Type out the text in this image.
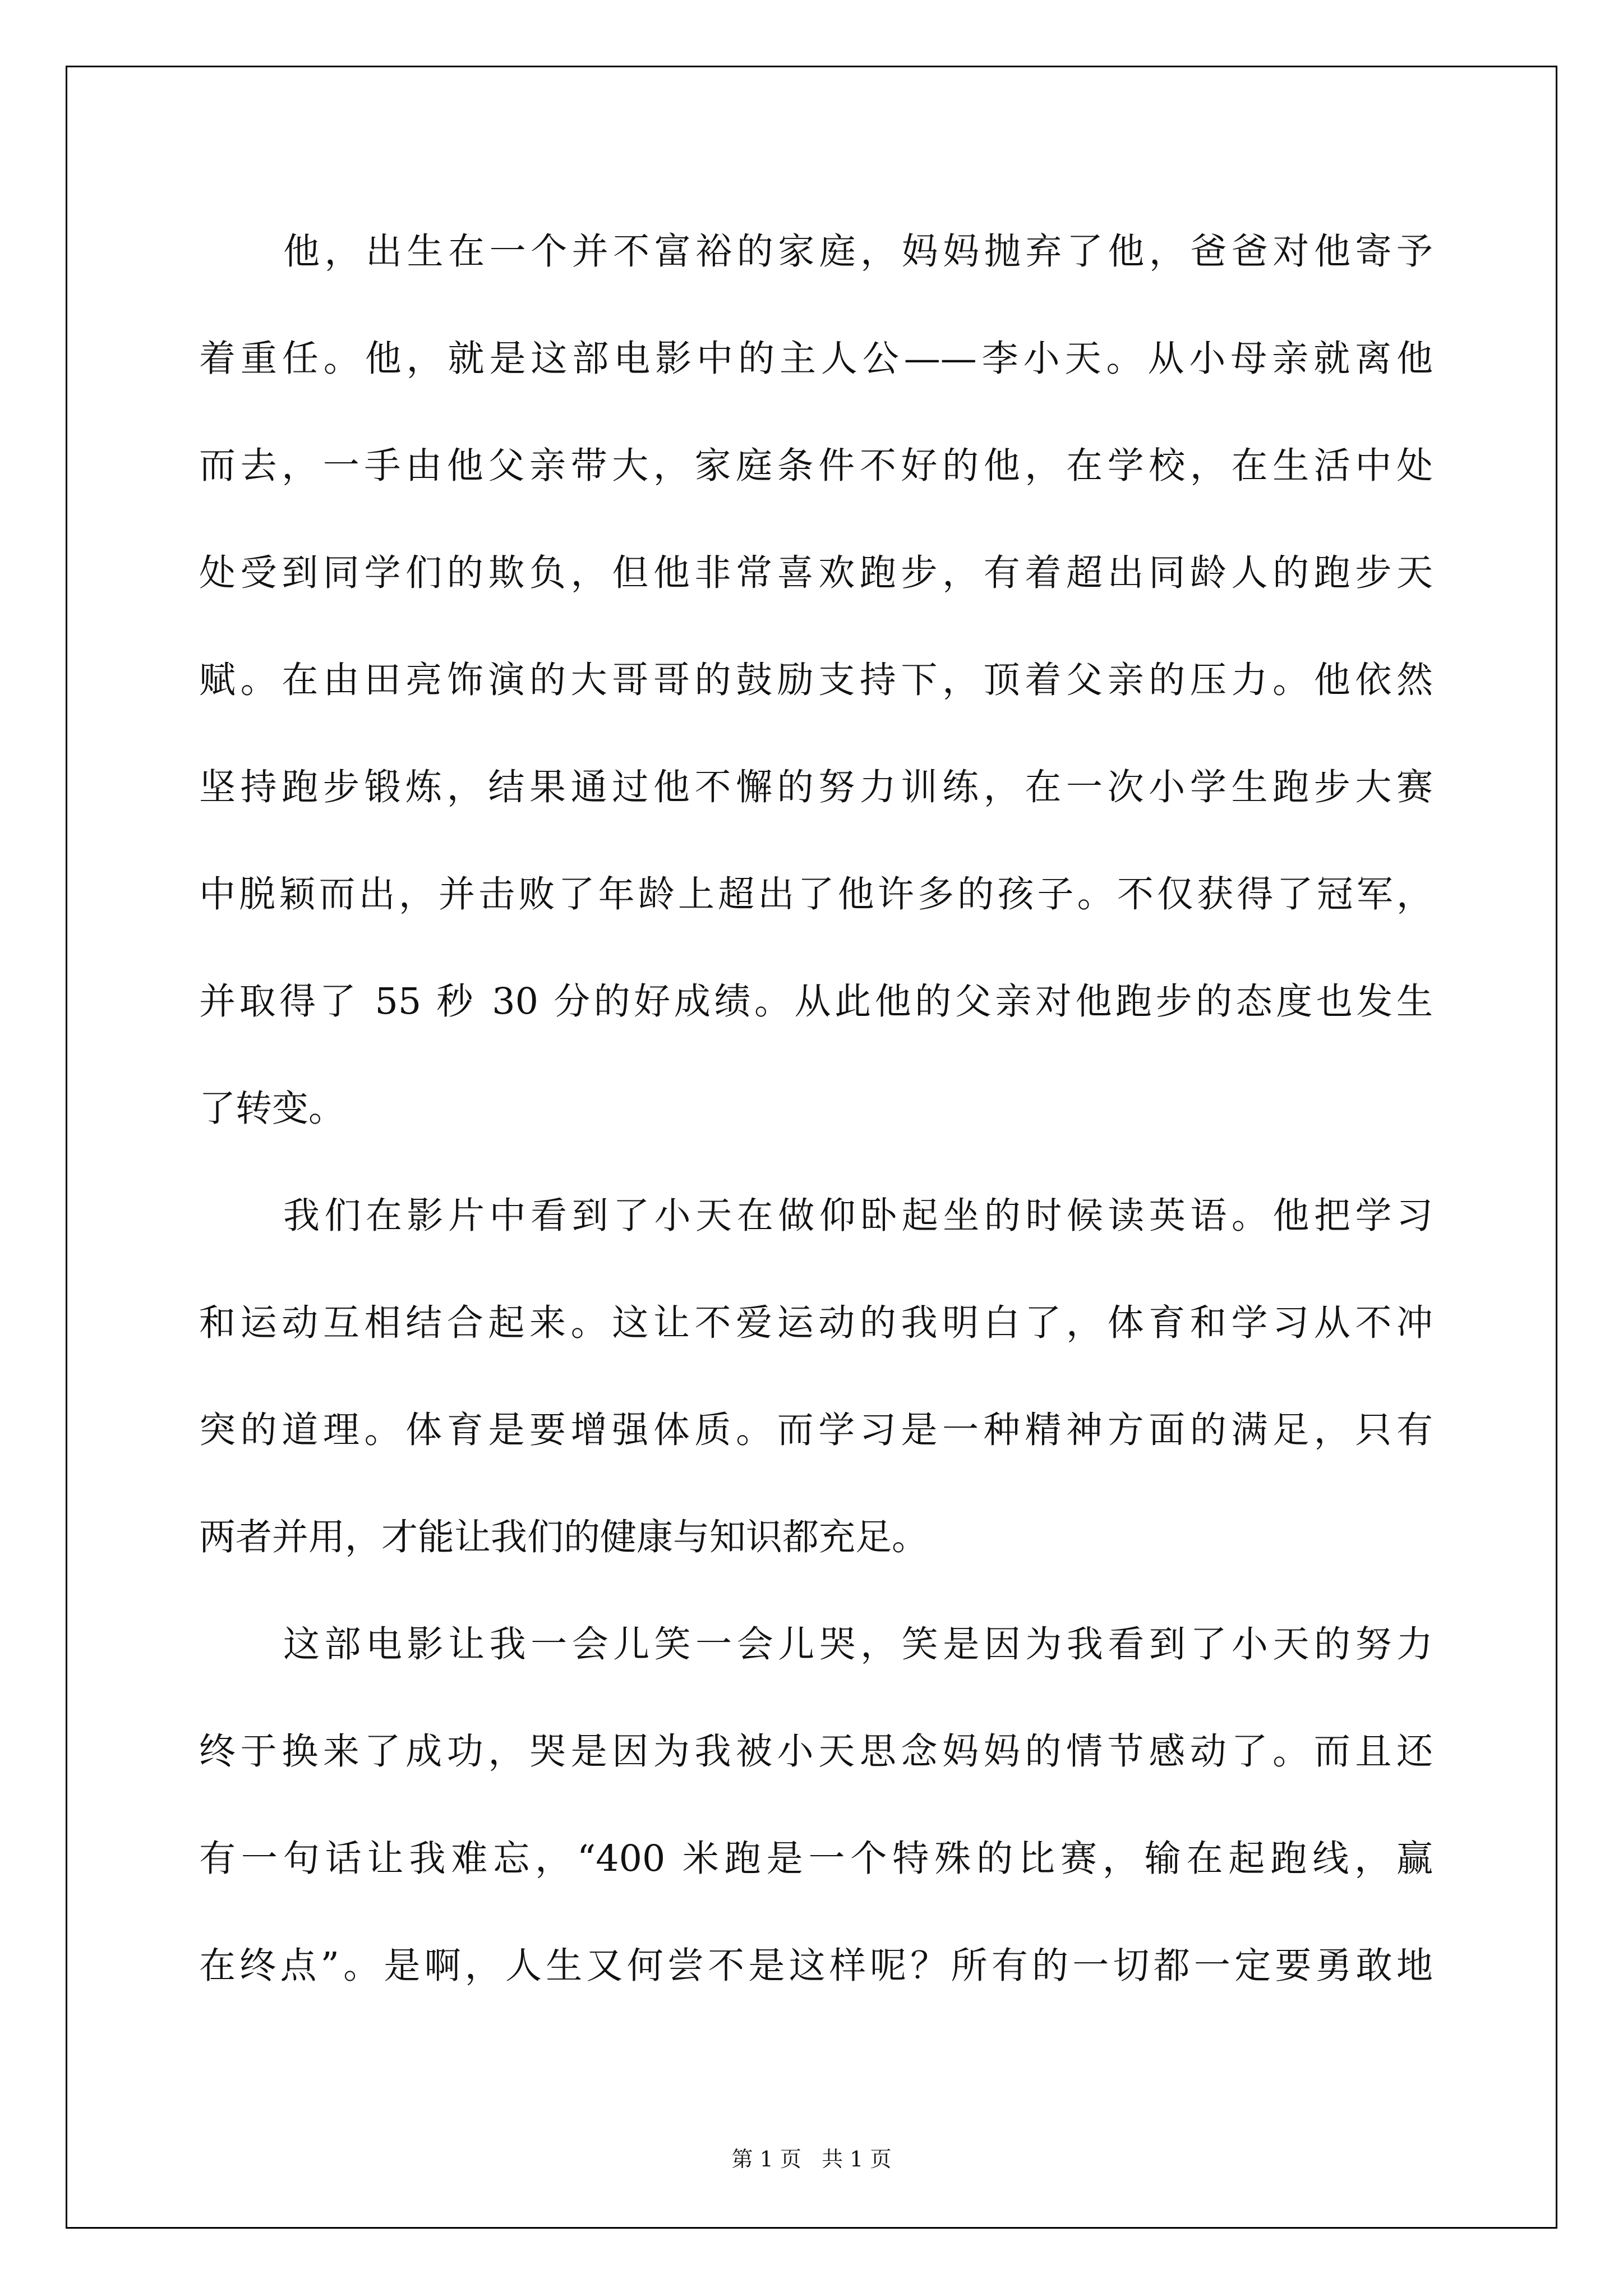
他，出生在一个并不富裕的家庭，妈妈抛弃了他，爸爸对他寄予
着重任。他，就是这部电影中的主人公——李小天。从小母亲就离他
而去，一手由他父亲带大，家庭条件不好的他，在学校，在生活中处
处受到同学们的欺负，但他非常喜欢跑步，有着超出同龄人的跑步天
赋。在由田亮饰演的大哥哥的鼓励支持下，顶着父亲的压力。他依然
坚持跑步锻炼，结果通过他不懈的努力训练，在一次小学生跑步大赛
中脱颖而出，并击败了年龄上超出了他许多的孩子。不仅获得了冠军，
并取得了 55 秒 30 分的好成绩。从此他的父亲对他跑步的态度也发生
了转变。
我们在影片中看到了小天在做仰卧起坐的时候读英语。他把学习
和运动互相结合起来。这让不爱运动的我明白了，体育和学习从不冲
突的道理。体育是要增强体质。而学习是一种精神方面的满足，只有
两者并用，才能让我们的健康与知识都充足。
这部电影让我一会儿笑一会儿哭，笑是因为我看到了小天的努力
终于换来了成功，哭是因为我被小天思念妈妈的情节感动了。而且还
有一句话让我难忘，“400 米跑是一个特殊的比赛，输在起跑线，赢
在终点”。是啊，人生又何尝不是这样呢？所有的一切都一定要勇敢地
第 1 页   共 1 页
